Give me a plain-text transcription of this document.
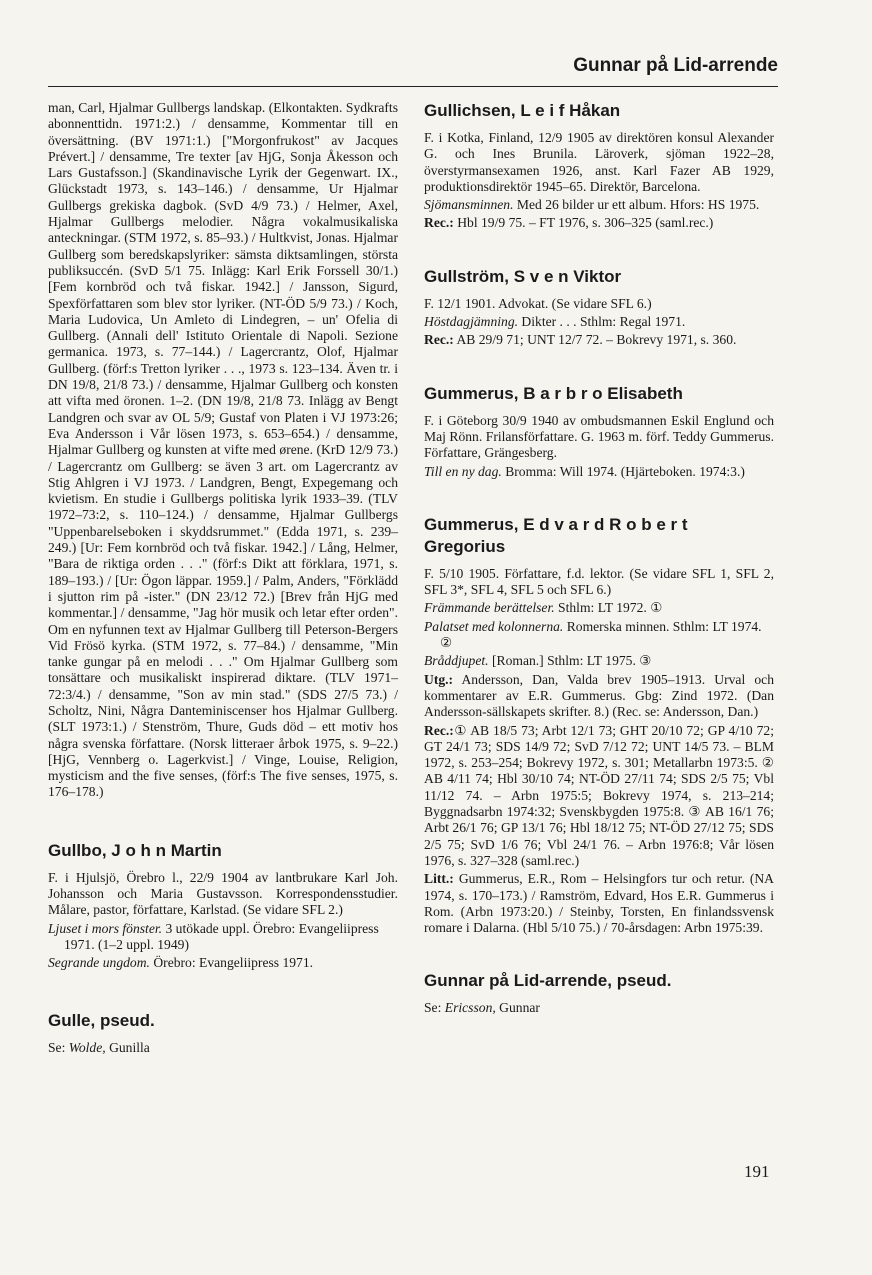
Gunnar på Lid-arrende

man, Carl, Hjalmar Gullbergs landskap. (Elkontakten. Sydkrafts abonnenttidn. 1971:2.) / densamme, Kommentar till en översättning. (BV 1971:1.) ["Morgonfrukost" av Jacques Prévert.] / densamme, Tre texter [av HjG, Sonja Åkesson och Lars Gustafsson.] (Skandinavische Lyrik der Gegenwart. IX., Glückstadt 1973, s. 143–146.) / densamme, Ur Hjalmar Gullbergs grekiska dagbok. (SvD 4/9 73.) / Helmer, Axel, Hjalmar Gullbergs melodier. Några vokalmusikaliska anteckningar. (STM 1972, s. 85–93.) / Hultkvist, Jonas. Hjalmar Gullberg som beredskapslyriker: sämsta diktsamlingen, största publiksuccén. (SvD 5/1 75. Inlägg: Karl Erik Forssell 30/1.) [Fem kornbröd och två fiskar. 1942.] / Jansson, Sigurd, Spexförfattaren som blev stor lyriker. (NT-ÖD 5/9 73.) / Koch, Maria Ludovica, Un Amleto di Lindegren, – un' Ofelia di Gullberg. (Annali dell' Istituto Orientale di Napoli. Sezione germanica. 1973, s. 77–144.) / Lagercrantz, Olof, Hjalmar Gullberg. (förf:s Tretton lyriker . . ., 1973 s. 123–134. Även tr. i DN 19/8, 21/8 73.) / densamme, Hjalmar Gullberg och konsten att vifta med öronen. 1–2. (DN 19/8, 21/8 73. Inlägg av Bengt Landgren och svar av OL 5/9; Gustaf von Platen i VJ 1973:26; Eva Andersson i Vår lösen 1973, s. 653–654.) / densamme, Hjalmar Gullberg og kunsten at vifte med ørene. (KrD 12/9 73.) / Lagercrantz om Gullberg: se även 3 art. om Lagercrantz av Stig Ahlgren i VJ 1973. / Landgren, Bengt, Expegemang och kvietism. En studie i Gullbergs politiska lyrik 1933–39. (TLV 1972–73:2, s. 110–124.) / densamme, Hjalmar Gullbergs "Uppenbarelseboken i skyddsrummet." (Edda 1971, s. 239–249.) [Ur: Fem kornbröd och två fiskar. 1942.] / Lång, Helmer, "Bara de riktiga orden . . ." (förf:s Dikt att förklara, 1971, s. 189–193.) / [Ur: Ögon läppar. 1959.] / Palm, Anders, "Förklädd i sjutton rim på -ister." (DN 23/12 72.) [Brev från HjG med kommentar.] / densamme, "Jag hör musik och letar efter orden". Om en nyfunnen text av Hjalmar Gullberg till Peterson-Bergers Vid Frösö kyrka. (STM 1972, s. 77–84.) / densamme, "Min tanke gungar på en melodi . . ." Om Hjalmar Gullberg som tonsättare och musikaliskt inspirerad diktare. (TLV 1971–72:3/4.) / densamme, "Son av min stad." (SDS 27/5 73.) / Scholtz, Nini, Några Danteminiscenser hos Hjalmar Gullberg. (SLT 1973:1.) / Stenström, Thure, Guds död – ett motiv hos några svenska författare. (Norsk litteraer årbok 1975, s. 9–22.) [HjG, Vennberg o. Lagerkvist.] / Vinge, Louise, Religion, mysticism and the five senses, (förf:s The five senses, 1975, s. 176–178.)

Gullbo, J o h n Martin

F. i Hjulsjö, Örebro l., 22/9 1904 av lantbrukare Karl Joh. Johansson och Maria Gustavsson. Korrespondensstudier. Målare, pastor, författare, Karlstad. (Se vidare SFL 2.)

Ljuset i mors fönster. 3 utökade uppl. Örebro: Evangeliipress 1971. (1–2 uppl. 1949)

Segrande ungdom. Örebro: Evangeliipress 1971.

Gulle, pseud.

Se: Wolde, Gunilla

Gullichsen, L e i f Håkan

F. i Kotka, Finland, 12/9 1905 av direktören konsul Alexander G. och Ines Brunila. Läroverk, sjöman 1922–28, överstyrmansexamen 1926, anst. Karl Fazer AB 1929, produktionsdirektör 1945–65. Direktör, Barcelona.

Sjömansminnen. Med 26 bilder ur ett album. Hfors: HS 1975.

Rec.: Hbl 19/9 75. – FT 1976, s. 306–325 (saml.rec.)

Gullström, S v e n Viktor

F. 12/1 1901. Advokat. (Se vidare SFL 6.)

Höstdagjämning. Dikter . . . Sthlm: Regal 1971.

Rec.: AB 29/9 71; UNT 12/7 72. – Bokrevy 1971, s. 360.

Gummerus, B a r b r o Elisabeth

F. i Göteborg 30/9 1940 av ombudsmannen Eskil Englund och Maj Rönn. Frilansförfattare. G. 1963 m. förf. Teddy Gummerus. Författare, Grängesberg.

Till en ny dag. Bromma: Will 1974. (Hjärteboken. 1974:3.)

Gummerus, E d v a r d R o b e r t
Gregorius

F. 5/10 1905. Författare, f.d. lektor. (Se vidare SFL 1, SFL 2, SFL 3*, SFL 4, SFL 5 och SFL 6.)

Främmande berättelser. Sthlm: LT 1972. ①

Palatset med kolonnerna. Romerska minnen. Sthlm: LT 1974. ②

Bråddjupet. [Roman.] Sthlm: LT 1975. ③

Utg.: Andersson, Dan, Valda brev 1905–1913. Urval och kommentarer av E.R. Gummerus. Gbg: Zind 1972. (Dan Andersson-sällskapets skrifter. 8.) (Rec. se: Andersson, Dan.)

Rec.:① AB 18/5 73; Arbt 12/1 73; GHT 20/10 72; GP 4/10 72; GT 24/1 73; SDS 14/9 72; SvD 7/12 72; UNT 14/5 73. – BLM 1972, s. 253–254; Bokrevy 1972, s. 301; Metallarbn 1973:5. ② AB 4/11 74; Hbl 30/10 74; NT-ÖD 27/11 74; SDS 2/5 75; Vbl 11/12 74. – Arbn 1975:5; Bokrevy 1974, s. 213–214; Byggnadsarbn 1974:32; Svenskbygden 1975:8. ③ AB 16/1 76; Arbt 26/1 76; GP 13/1 76; Hbl 18/12 75; NT-ÖD 27/12 75; SDS 2/5 75; SvD 1/6 76; Vbl 24/1 76. – Arbn 1976:8; Vår lösen 1976, s. 327–328 (saml.rec.)

Litt.: Gummerus, E.R., Rom – Helsingfors tur och retur. (NA 1974, s. 170–173.) / Ramström, Edvard, Hos E.R. Gummerus i Rom. (Arbn 1973:20.) / Steinby, Torsten, En finlandssvensk romare i Dalarna. (Hbl 5/10 75.) / 70-årsdagen: Arbn 1975:39.

Gunnar på Lid-arrende, pseud.

Se: Ericsson, Gunnar

191
